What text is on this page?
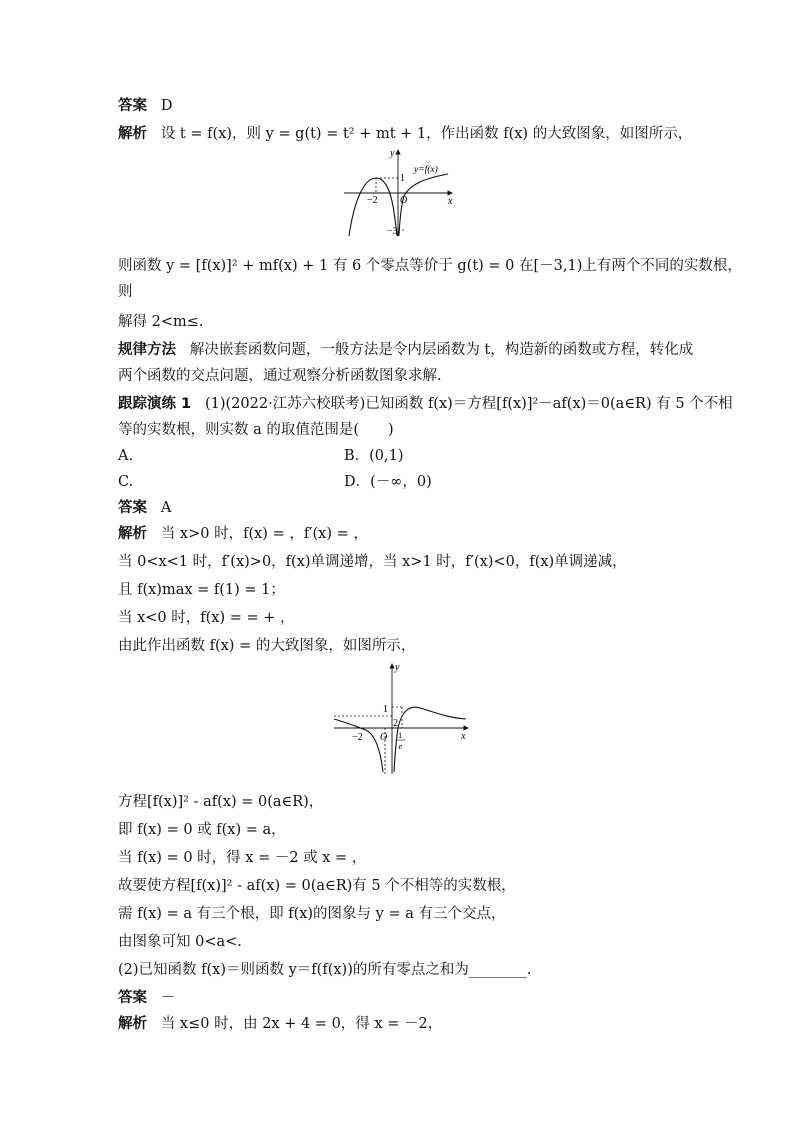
答案 D
解析 设 t = f(x)，则 y = g(t) = t² + mt + 1，作出函数 f(x) 的大致图象，如图所示，
y
x
y=f(x)
1
−2 O
−3
则函数 y = [f(x)]² + mf(x) + 1 有 6 个零点等价于 g(t) = 0 在[－3,1)上有两个不同的实数根，
则
解得 2<m≤.
规律方法 解决嵌套函数问题，一般方法是令内层函数为 t，构造新的函数或方程，转化成
两个函数的交点问题，通过观察分析函数图象求解.
跟踪演练 1 (1)(2022·江苏六校联考)已知函数 f(x)＝方程[f(x)]²－af(x)＝0(a∈R) 有 5 个不相
等的实数根，则实数 a 的取值范围是(　　)
A.	B．(0,1)
C.	D．(－∞，0)
答案 A
解析 当 x>0 时，f(x) = ，f′(x) = ，
当 0<x<1 时，f′(x)>0，f(x)单调递增，当 x>1 时，f′(x)<0，f(x)单调递减，
且 f(x)max = f(1) = 1；
当 x<0 时，f(x) = = + ，
由此作出函数 f(x) = 的大致图象，如图所示，
y
x
1
2
−2 O 1
e
方程[f(x)]² - af(x) = 0(a∈R)，
即 f(x) = 0 或 f(x) = a，
当 f(x) = 0 时，得 x = －2 或 x = ，
故要使方程[f(x)]² - af(x) = 0(a∈R)有 5 个不相等的实数根，
需 f(x) = a 有三个根，即 f(x)的图象与 y = a 有三个交点，
由图象可知 0<a<.
(2)已知函数 f(x)＝则函数 y＝f(f(x))的所有零点之和为________.
答案 －
解析 当 x≤0 时，由 2x + 4 = 0，得 x = －2，
